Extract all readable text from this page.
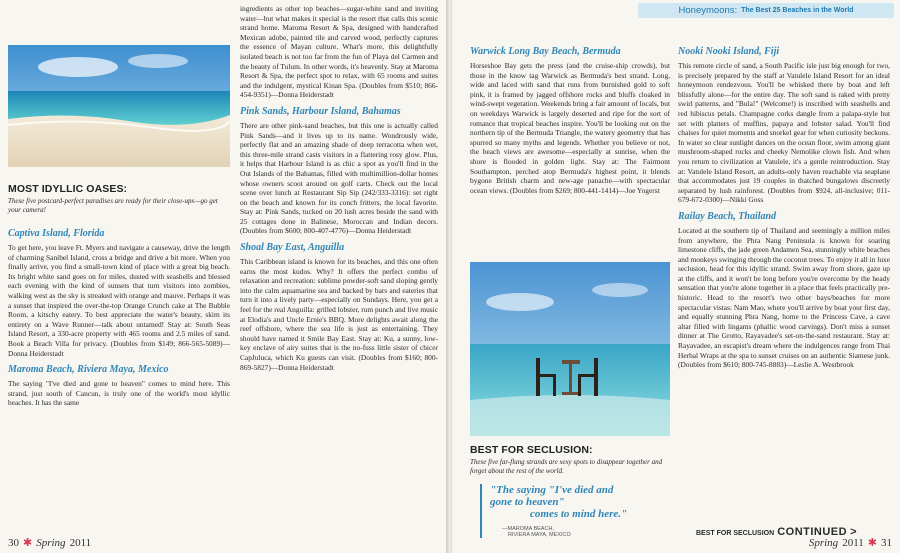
MOST IDYLLIC OASES:

These five postcard-perfect paradises are ready for their close-ups—go get your camera!

Captiva Island, Florida

To get here, you leave Ft. Myers and navigate a causeway, drive the length of charming Sanibel Island, cross a bridge and drive a bit more. When you finally arrive, you find a small-town kind of place with a great big beach. Its bright white sand goes on for miles, dusted with seashells and blessed each evening with the kind of sunsets that turn visitors into zombies, walking west as the sky is streaked with orange and mauve. Perhaps it was a sunset that inspired the over-the-top Orange Crunch cake at The Bubble Room, a kitschy eatery. To best appreciate the water's beauty, skim its entirety on a Wave Runner—talk about untamed! Stay at: South Seas Island Resort, a 330-acre property with 465 rooms and 2.5 miles of sand. Book a Beach Villa for privacy. (Doubles from $149; 866-565-5089)—Donna Heiderstadt

Maroma Beach, Riviera Maya, Mexico

The saying "I've died and gone to heaven" comes to mind here. This strand, just south of Cancun, is truly one of the world's most idyllic beaches. It has the same

ingredients as other top beaches—sugar-white sand and inviting water—but what makes it special is the resort that calls this scenic strand home. Maroma Resort & Spa, designed with handcrafted Mexican adobe, painted tile and carved wood, perfectly captures the essence of Mayan culture. What's more, this delightfully isolated beach is not too far from the fun of Playa del Carmen and the beauty of Tulum. In other words, it's heavenly. Stay at Maroma Resort & Spa, the perfect spot to relax, with 65 rooms and suites and the indulgent, mystical Kinan Spa. (Doubles from $510; 866-454-9351)—Donna Heiderstadt

Pink Sands, Harbour Island, Bahamas

There are other pink-sand beaches, but this one is actually called Pink Sands—and it lives up to its name. Wondrously wide, perfectly flat and an amazing shade of deep terracotta when wet, this three-mile strand casts visitors in a flattering rosy glow. Plus, it helps that Harbour Island is as chic a spot as you'll find in the Out Islands of the Bahamas, filled with multimillion-dollar homes whose owners scoot around on golf carts. Check out the local scene over lunch at Restaurant Sip Sip (242/333-3316): set right on the beach and known for its conch fritters, the local favorite. Stay at: Pink Sands, tucked on 20 lush acres beside the sand with 25 cottages done in Balinese, Moroccan and Indian decors. (Doubles from $600; 800-407-4776)—Donna Heiderstadt

Shoal Bay East, Anguilla

This Caribbean island is known for its beaches, and this one often earns the most kudos. Why? It offers the perfect combo of relaxation and recreation: sublime powder-soft sand sloping gently into the calm aquamarine sea and backed by bars and eateries that turn it into a lively party—especially on Sundays. Here, you get a feel for the real Anguilla: grilled lobster, rum punch and live music at Elodia's and Uncle Ernie's BBQ. More delights await along the reef offshore, where the sea life is just as entertaining. They should have named it Smile Bay East. Stay at: Ku, a sunny, low-key enclave of airy suites that is the no-fuss little sister of chicer CapJuluca, which Ku guests can visit. (Doubles from $160; 800-869-5827)—Donna Heiderstadt

30 ✱ Spring 2011
Honeymoons: The Best 25 Beaches in the World

Warwick Long Bay Beach, Bermuda

Horseshoe Bay gets the press (and the cruise-ship crowds), but those in the know tag Warwick as Bermuda's best strand. Long, wide and laced with sand that runs from burnished gold to soft pink, it is framed by jagged offshore rocks and bluffs cloaked in wind-swept vegetation. Weekends bring a fair amount of locals, but on weekdays Warwick is largely deserted and ripe for the sort of romance that tropical beaches inspire. You'll be looking out on the northern tip of the Bermuda Triangle, the watery geometry that has spurred so many myths and legends. Whether you believe or not, the beach views are awesome—especially at sunrise, when the shore is flooded in golden light. Stay at: The Fairmont Southampton, perched atop Bermuda's highest point, it blends bygone British charm and new-age panache—with spectacular ocean views. (Doubles from $269; 800-441-1414)—Joe Yogerst

BEST FOR SECLUSION:

These five far-flung strands are sexy spots to disappear together and forget about the rest of the world.

"The saying "I've died and
gone to heaven"
comes to mind here."
—MAROMA BEACH,
RIVIERA MAYA, MEXICO

Nooki Nooki Island, Fiji

This remote circle of sand, a South Pacific isle just big enough for two, is precisely prepared by the staff at Vatulele Island Resort for an ideal honeymoon rendezvous. You'll be whisked there by boat and left blissfully alone—for the entire day. The soft sand is raked with pretty swirl patterns, and "Bula!" (Welcome!) is inscribed with seashells and red hibiscus petals. Champagne corks dangle from a palapa-style hut set with platters of muffins, papaya and lobster salad. You'll find chaises for quiet moments and snorkel gear for when curiosity beckons. In water so clear sunlight dances on the ocean floor, swim among giant mushroom-shaped rocks and cheeky Nemolike clown fish. And when you return to civilization at Vatulele, it's a gentle reintroduction. Stay at: Vatulele Island Resort, an adults-only haven reachable via seaplane that accommodates just 19 couples in thatched bungalows discreetly separated by lush rainforest. (Doubles from $924, all-inclusive; 011-679-672-0300)—Nikki Goss

Railay Beach, Thailand

Located at the southern tip of Thailand and seemingly a million miles from anywhere, the Phra Nang Peninsula is known for soaring limestone cliffs, the jade green Andamen Sea, stunningly white beaches and monkeys swinging through the coconut trees. To enjoy it all in luxe seclusion, head for this idyllic strand. Swim away from shore, gaze up at the cliffs, and it won't be long before you're overcome by the heady sensation that you're alone together in a place that feels practically pre-historic. Head to the resort's two other bays/beaches for more spectacular vistas: Nam Mao, where you'll arrive by boat your first day, and equally stunning Phra Nang, home to the Princess Cave, a cave altar filled with lingams (phallic wood carvings). Don't miss a sunset dinner at The Grotto, Rayavadee's set-on-the-sand restaurant. Stay at: Rayavadee, an escapist's dream where the indulgences range from Thai Herbal Wraps at the spa to sunset cruises on an authentic Siamese junk. (Doubles from $610; 800-745-8883)—Leslie A. Westbrook

BEST FOR SECLUSION CONTINUED >
Spring 2011 ✱ 31
